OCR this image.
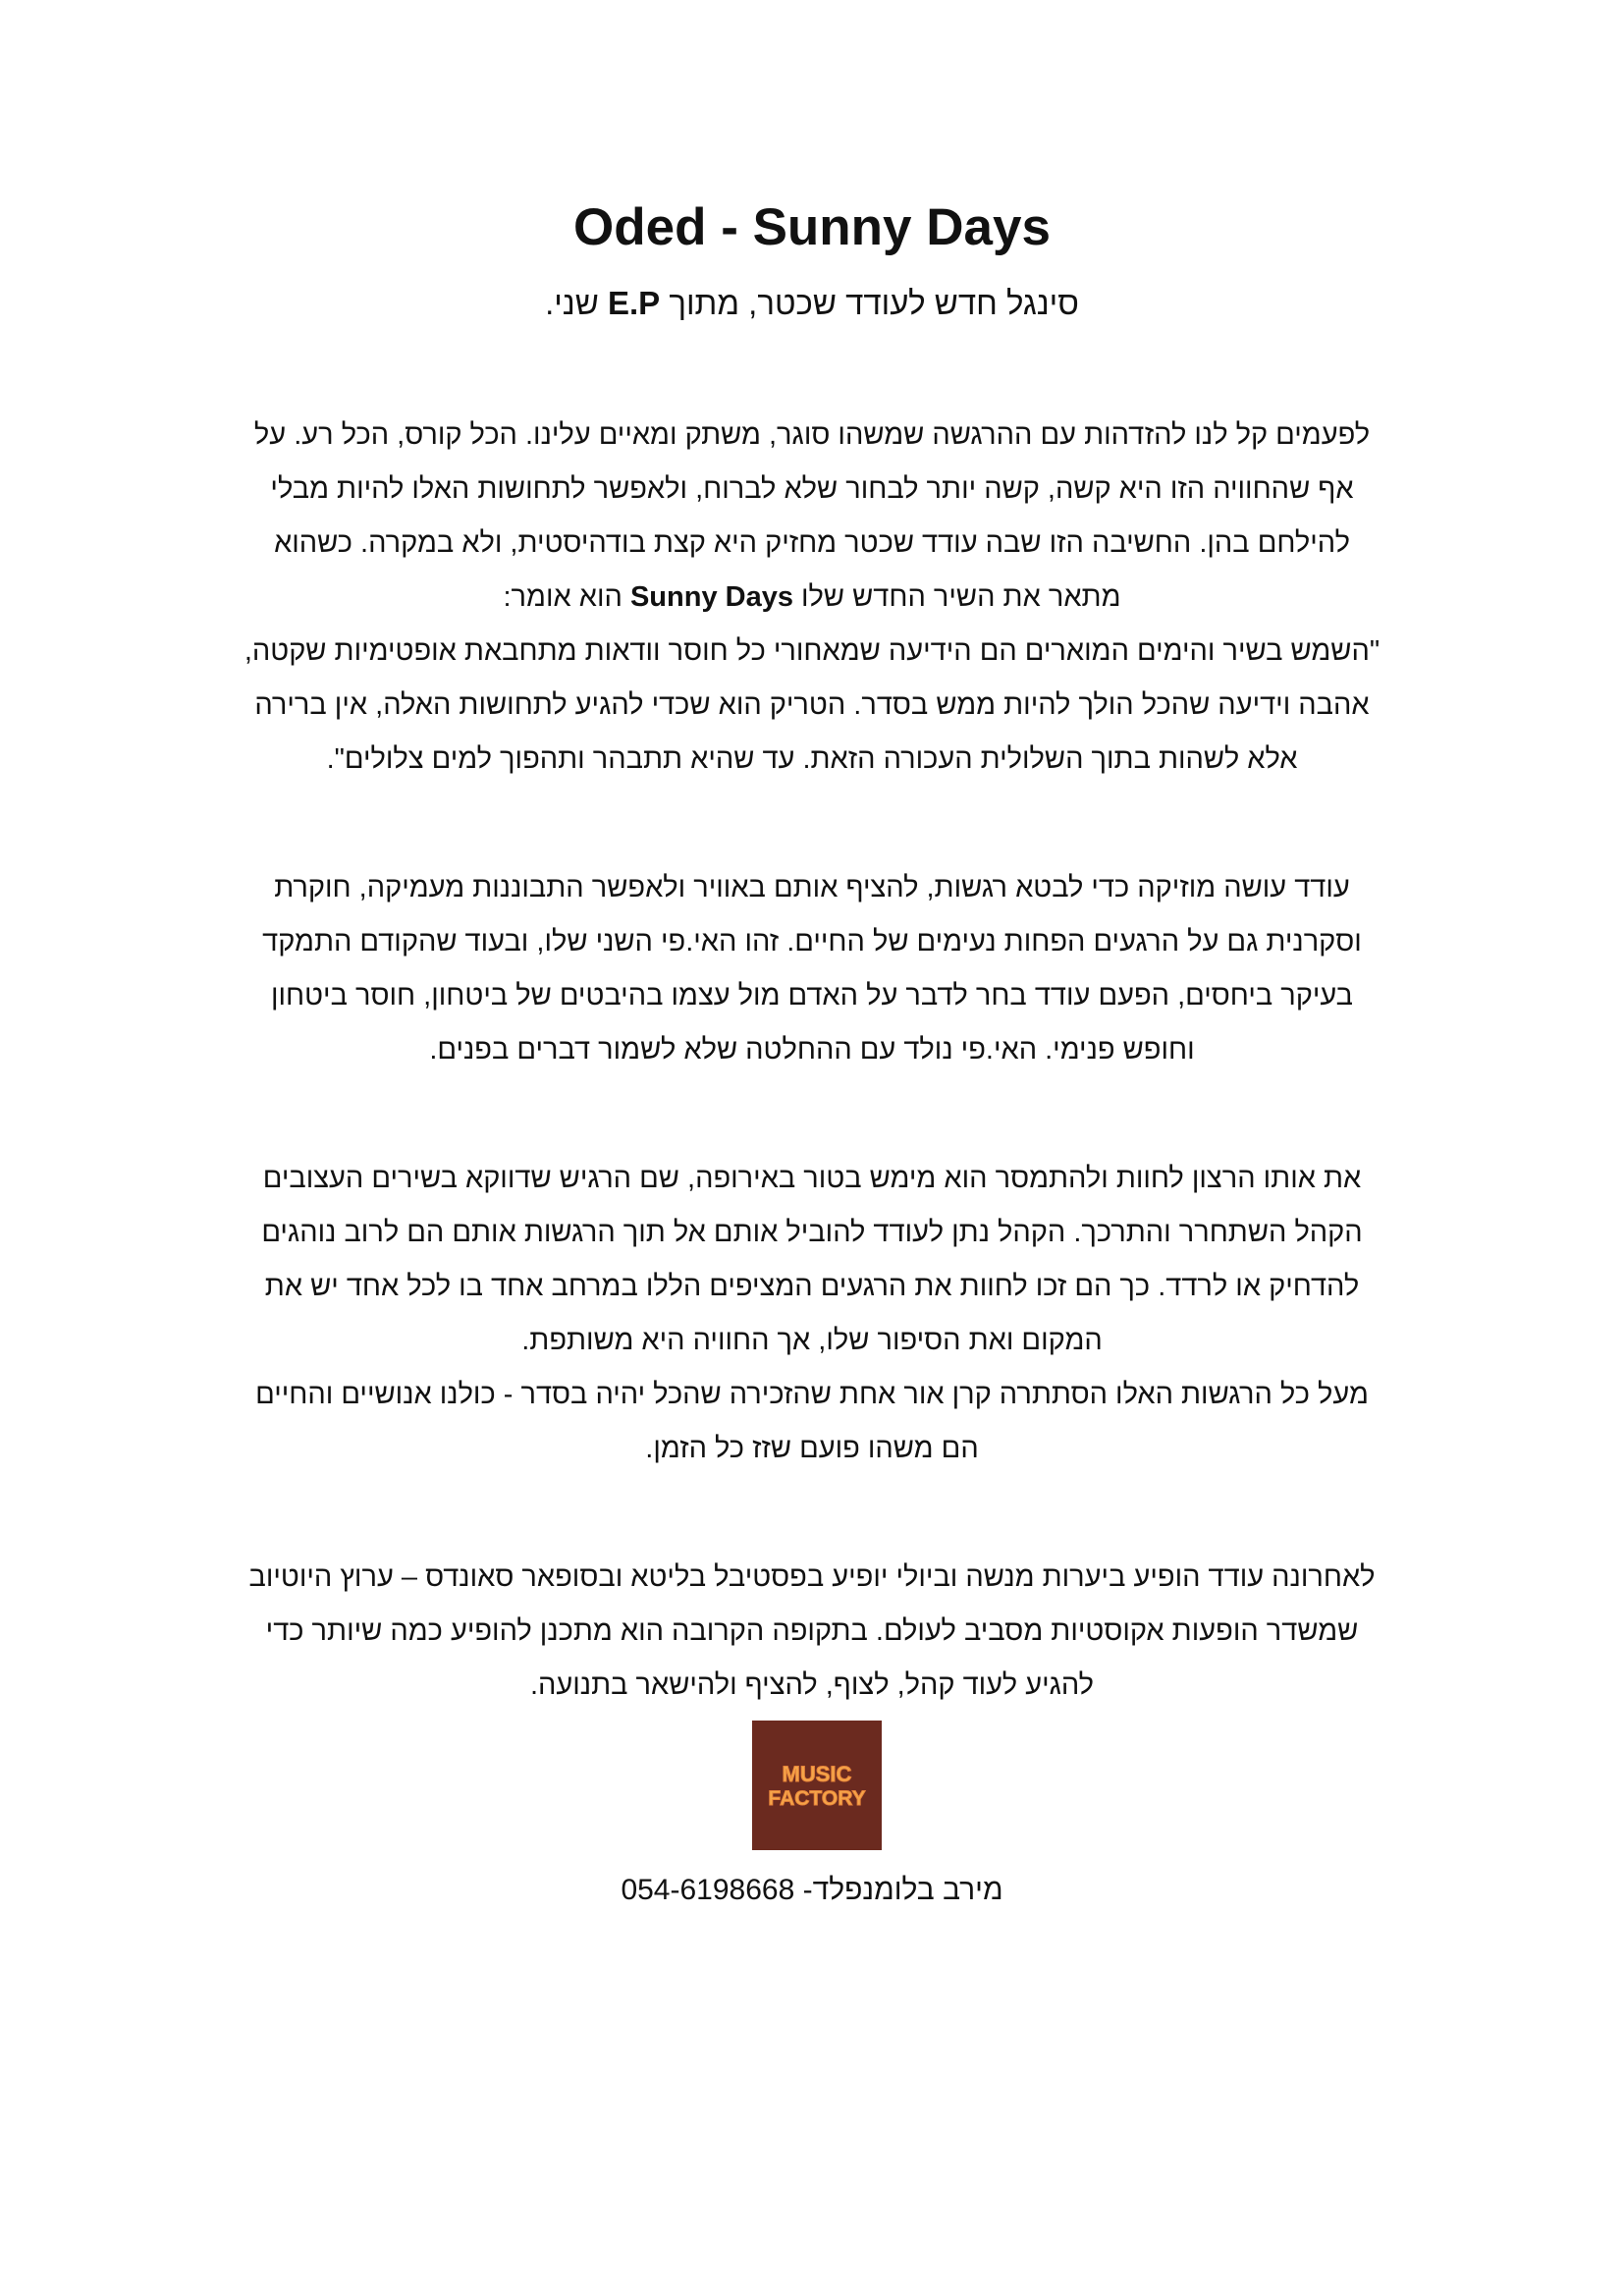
Oded - Sunny Days

סינגל חדש לעודד שכטר, מתוך E.P שני.

לפעמים קל לנו להזדהות עם ההרגשה שמשהו סוגר, משתק ומאיים עלינו. הכל קורס, הכל רע. על
אף שהחוויה הזו היא קשה, קשה יותר לבחור שלא לברוח, ולאפשר לתחושות האלו להיות מבלי
להילחם בהן. החשיבה הזו שבה עודד שכטר מחזיק היא קצת בודהיסטית, ולא במקרה. כשהוא
מתאר את השיר החדש שלו Sunny Days הוא אומר:
"השמש בשיר והימים המוארים הם הידיעה שמאחורי כל חוסר וודאות מתחבאת אופטימיות שקטה,
אהבה וידיעה שהכל הולך להיות ממש בסדר. הטריק הוא שכדי להגיע לתחושות האלה, אין ברירה
אלא לשהות בתוך השלולית העכורה הזאת. עד שהיא תתבהר ותהפוך למים צלולים".

עודד עושה מוזיקה כדי לבטא רגשות, להציף אותם באוויר ולאפשר התבוננות מעמיקה, חוקרת
וסקרנית גם על הרגעים הפחות נעימים של החיים. זהו האי.פי השני שלו, ובעוד שהקודם התמקד
בעיקר ביחסים, הפעם עודד בחר לדבר על האדם מול עצמו בהיבטים של ביטחון, חוסר ביטחון
וחופש פנימי. האי.פי נולד עם ההחלטה שלא לשמור דברים בפנים.

את אותו הרצון לחוות ולהתמסר הוא מימש בטור באירופה, שם הרגיש שדווקא בשירים העצובים
הקהל השתחרר והתרכך. הקהל נתן לעודד להוביל אותם אל תוך הרגשות אותם הם לרוב נוהגים
להדחיק או לרדד. כך הם זכו לחוות את הרגעים המציפים הללו במרחב אחד בו לכל אחד יש את
המקום ואת הסיפור שלו, אך החוויה היא משותפת.
מעל כל הרגשות האלו הסתתרה קרן אור אחת שהזכירה שהכל יהיה בסדר - כולנו אנושיים והחיים
הם משהו פועם שזז כל הזמן.

לאחרונה עודד הופיע ביערות מנשה וביולי יופיע בפסטיבל בליטא ובסופאר סאונדס – ערוץ היוטיוב
שמשדר הופעות אקוסטיות מסביב לעולם. בתקופה הקרובה הוא מתכנן להופיע כמה שיותר כדי
להגיע לעוד קהל, לצוף, להציף ולהישאר בתנועה.

MUSIC
FACTORY

054-6198668 -מירב בלומנפלד
